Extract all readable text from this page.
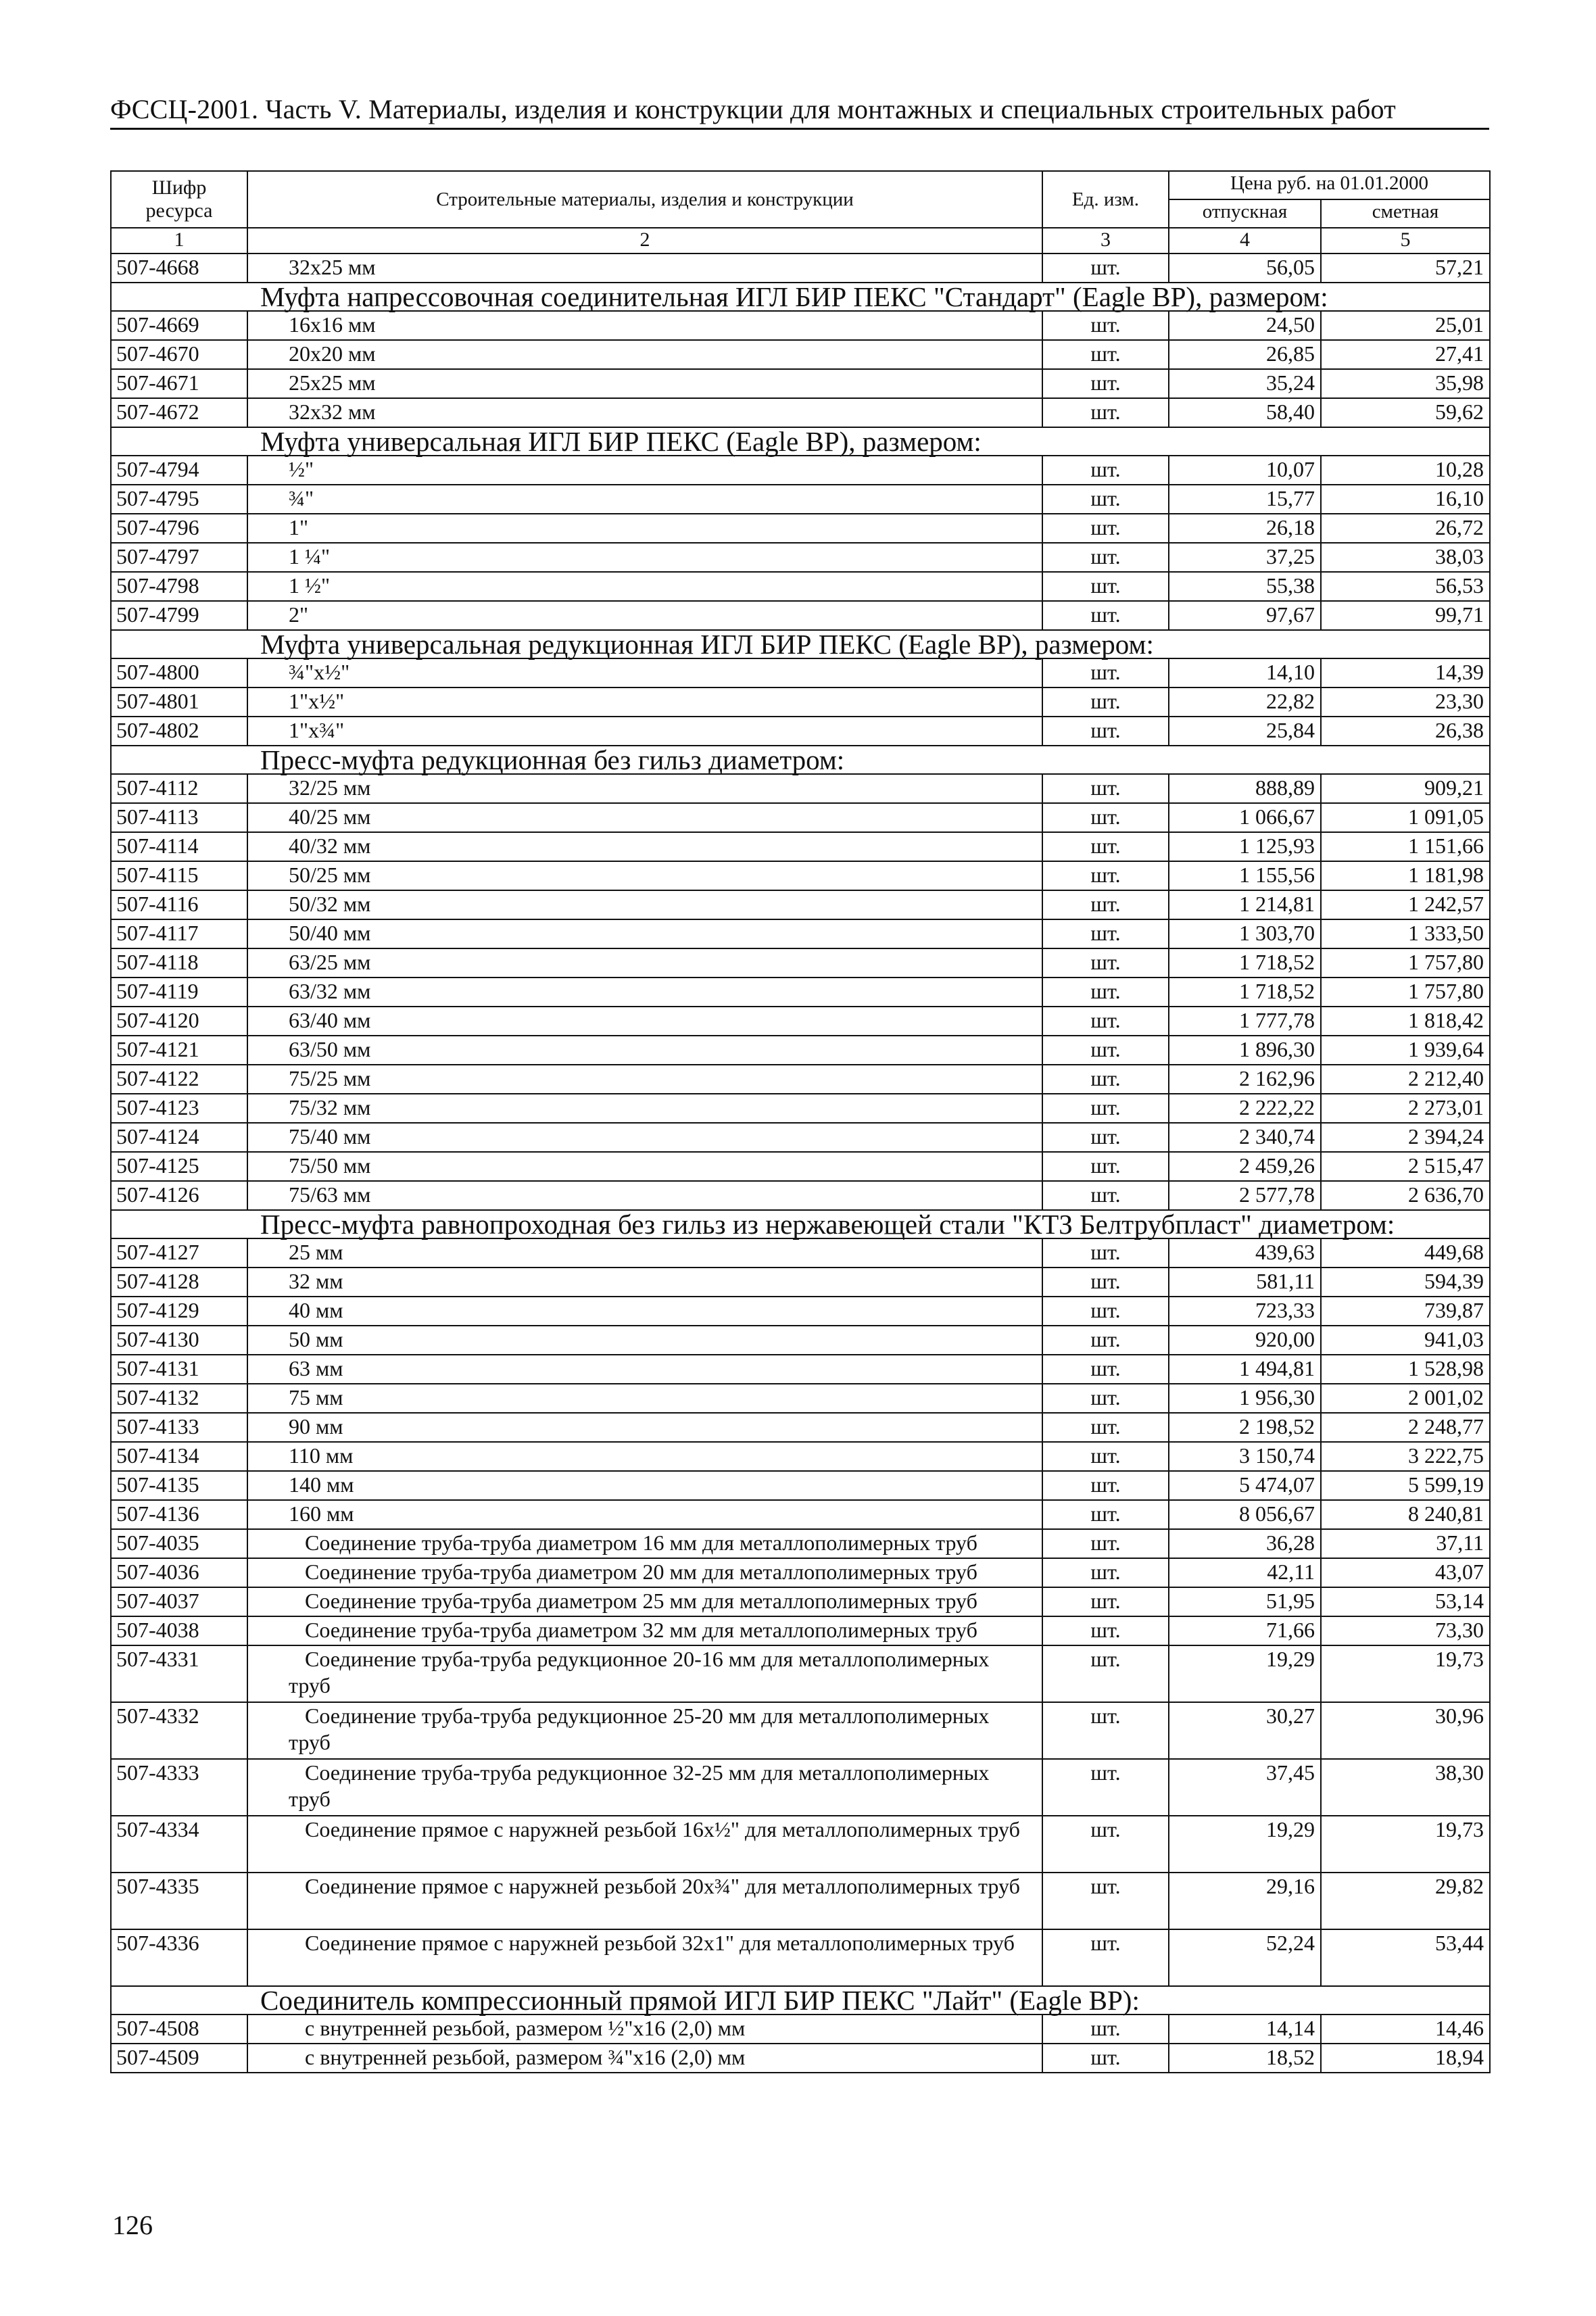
ФССЦ-2001. Часть V. Материалы, изделия и конструкции для монтажных и специальных строительных работ
Шифр ресурса	Строительные материалы, изделия и конструкции	Ед. изм.	Цена руб. на 01.01.2000	
			отпускная	сметная
1	2	3	4	5
507-4668	32x25 мм	шт.	56,05	57,21
Муфта напрессовочная соединительная ИГЛ БИР ПЕКС "Стандарт" (Eagle BP), размером:				
507-4669	16x16 мм	шт.	24,50	25,01
507-4670	20x20 мм	шт.	26,85	27,41
507-4671	25x25 мм	шт.	35,24	35,98
507-4672	32x32 мм	шт.	58,40	59,62
Муфта универсальная ИГЛ БИР ПЕКС (Eagle BP), размером:				
507-4794	½"	шт.	10,07	10,28
507-4795	¾"	шт.	15,77	16,10
507-4796	1"	шт.	26,18	26,72
507-4797	1 ¼"	шт.	37,25	38,03
507-4798	1 ½"	шт.	55,38	56,53
507-4799	2"	шт.	97,67	99,71
Муфта универсальная редукционная ИГЛ БИР ПЕКС (Eagle BP), размером:				
507-4800	¾"x½"	шт.	14,10	14,39
507-4801	1"x½"	шт.	22,82	23,30
507-4802	1"x¾"	шт.	25,84	26,38
Пресс-муфта редукционная без гильз диаметром:				
507-4112	32/25 мм	шт.	888,89	909,21
507-4113	40/25 мм	шт.	1 066,67	1 091,05
507-4114	40/32 мм	шт.	1 125,93	1 151,66
507-4115	50/25 мм	шт.	1 155,56	1 181,98
507-4116	50/32 мм	шт.	1 214,81	1 242,57
507-4117	50/40 мм	шт.	1 303,70	1 333,50
507-4118	63/25 мм	шт.	1 718,52	1 757,80
507-4119	63/32 мм	шт.	1 718,52	1 757,80
507-4120	63/40 мм	шт.	1 777,78	1 818,42
507-4121	63/50 мм	шт.	1 896,30	1 939,64
507-4122	75/25 мм	шт.	2 162,96	2 212,40
507-4123	75/32 мм	шт.	2 222,22	2 273,01
507-4124	75/40 мм	шт.	2 340,74	2 394,24
507-4125	75/50 мм	шт.	2 459,26	2 515,47
507-4126	75/63 мм	шт.	2 577,78	2 636,70
Пресс-муфта равнопроходная без гильз из нержавеющей стали "КТЗ Белтрубпласт" диаметром:				
507-4127	25 мм	шт.	439,63	449,68
507-4128	32 мм	шт.	581,11	594,39
507-4129	40 мм	шт.	723,33	739,87
507-4130	50 мм	шт.	920,00	941,03
507-4131	63 мм	шт.	1 494,81	1 528,98
507-4132	75 мм	шт.	1 956,30	2 001,02
507-4133	90 мм	шт.	2 198,52	2 248,77
507-4134	110 мм	шт.	3 150,74	3 222,75
507-4135	140 мм	шт.	5 474,07	5 599,19
507-4136	160 мм	шт.	8 056,67	8 240,81
507-4035	Соединение труба-труба диаметром 16 мм для металлополимерных труб	шт.	36,28	37,11
507-4036	Соединение труба-труба диаметром 20 мм для металлополимерных труб	шт.	42,11	43,07
507-4037	Соединение труба-труба диаметром 25 мм для металлополимерных труб	шт.	51,95	53,14
507-4038	Соединение труба-труба диаметром 32 мм для металлополимерных труб	шт.	71,66	73,30
507-4331	Соединение труба-труба редукционное 20-16 мм для металлополимерных труб	шт.	19,29	19,73
507-4332	Соединение труба-труба редукционное 25-20 мм для металлополимерных труб	шт.	30,27	30,96
507-4333	Соединение труба-труба редукционное 32-25 мм для металлополимерных труб	шт.	37,45	38,30
507-4334	Соединение прямое с наружней резьбой 16x½" для металлополимерных труб	шт.	19,29	19,73
507-4335	Соединение прямое с наружней резьбой 20x¾" для металлополимерных труб	шт.	29,16	29,82
507-4336	Соединение прямое с наружней резьбой 32x1" для металлополимерных труб	шт.	52,24	53,44
Соединитель компрессионный прямой ИГЛ БИР ПЕКС "Лайт" (Eagle BP):				
507-4508	с внутренней резьбой, размером ½"x16 (2,0) мм	шт.	14,14	14,46
507-4509	с внутренней резьбой, размером ¾"x16 (2,0) мм	шт.	18,52	18,94
126
